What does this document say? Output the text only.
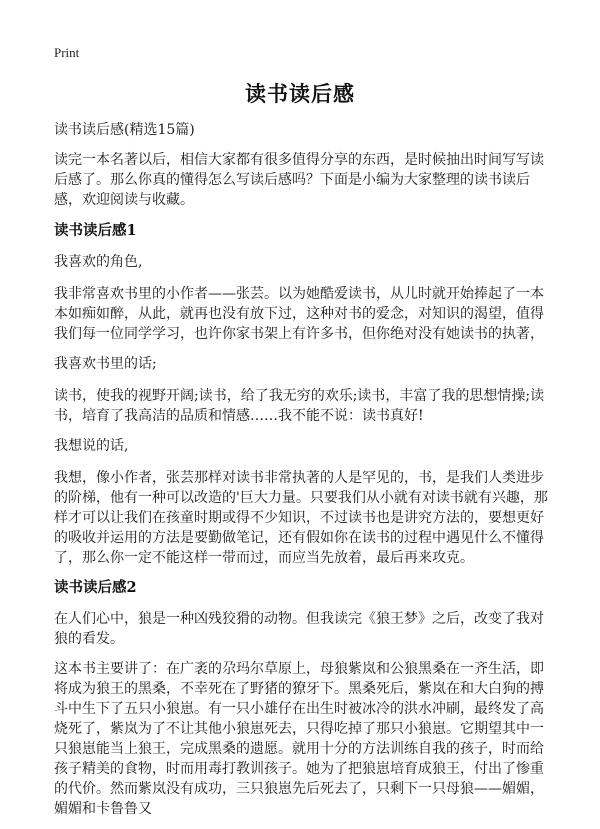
Print
读书读后感
读书读后感(精选15篇)

读完一本名著以后，相信大家都有很多值得分享的东西，是时候抽出时间写写读后感了。那么你真的懂得怎么写读后感吗？下面是小编为大家整理的读书读后感，欢迎阅读与收藏。

读书读后感1

我喜欢的角色,

我非常喜欢书里的小作者——张芸。以为她酷爱读书，从儿时就开始捧起了一本本如痴如醉，从此，就再也没有放下过，这种对书的爱念，对知识的渴望，值得我们每一位同学学习，也许你家书架上有许多书，但你绝对没有她读书的执著，

我喜欢书里的话;

读书，使我的视野开阔;读书，给了我无穷的欢乐;读书，丰富了我的思想情操;读书，培育了我高洁的品质和情感……我不能不说：读书真好!

我想说的话,

我想，像小作者，张芸那样对读书非常执著的人是罕见的，书，是我们人类进步的阶梯，他有一种可以改造的'巨大力量。只要我们从小就有对读书就有兴趣，那样才可以让我们在孩童时期或得不少知识，不过读书也是讲究方法的，要想更好的吸收并运用的方法是要勤做笔记，还有假如你在读书的过程中遇见什么不懂得了，那么你一定不能这样一带而过，而应当先放着，最后再来攻克。

读书读后感2

在人们心中，狼是一种凶残狡猾的动物。但我读完《狼王梦》之后，改变了我对狼的看发。

这本书主要讲了：在广袤的尕玛尔草原上，母狼紫岚和公狼黑桑在一齐生活，即将成为狼王的黑桑，不幸死在了野猪的獠牙下。黑桑死后，紫岚在和大白狗的搏斗中生下了五只小狼崽。有一只小雄仔在出生时被冰冷的洪水冲刷，最终发了高烧死了，紫岚为了不让其他小狼崽死去，只得吃掉了那只小狼崽。它期望其中一只狼崽能当上狼王，完成黑桑的遗愿。就用十分的方法训练自我的孩子，时而给孩子精美的食物，时而用毒打教训孩子。她为了把狼崽培育成狼王，付出了惨重的代价。然而紫岚没有成功，三只狼崽先后死去了，只剩下一只母狼——媚媚，媚媚和卡鲁鲁又
